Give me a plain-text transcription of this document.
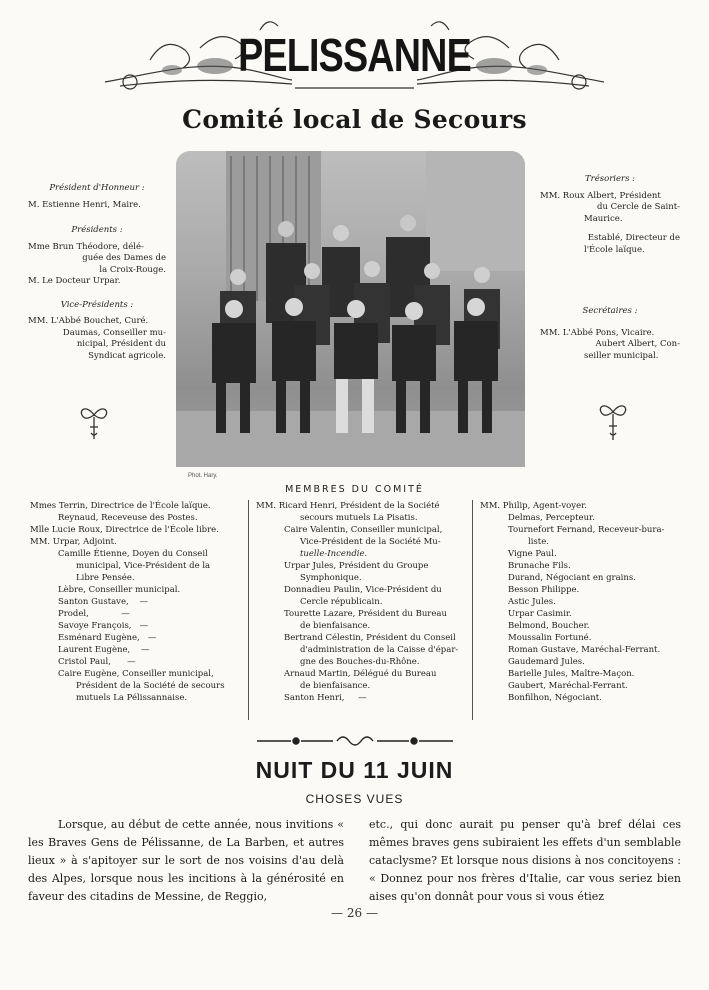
PELISSANNE
Comité local de Secours
Phot. Hary.
Président d'Honneur :

M. Estienne Henri, Maire.

Présidents :

Mme Brun Théodore, délé-

guée des Dames de

la Croix-Rouge.

M. Le Docteur Urpar.

Vice-Présidents :

MM. L'Abbé Bouchet, Curé.

Daumas, Conseiller mu-

nicipal, Président du

Syndicat agricole.

Trésoriers :

MM. Roux Albert, Président

du Cercle de Saint-

Maurice.

Establé, Directeur de

l'École laïque.

Secrétaires :

MM. L'Abbé Pons, Vicaire.

Aubert Albert, Con-

seiller municipal.

MEMBRES DU COMITÉ
Mmes Terrin, Directrice de l'École laïque.
Reynaud, Receveuse des Postes.
Mlle Lucie Roux, Directrice de l'École libre.
MM. Urpar, Adjoint.
Camille Étienne, Doyen du Conseil
municipal, Vice-Président de la
Libre Pensée.
Lèbre, Conseiller municipal.
Santon Gustave,    —
Prodel,            —
Savoye François,   —
Esménard Eugène,   —
Laurent Eugène,    —
Cristol Paul,      —
Caire Eugène, Conseiller municipal,
Président de la Société de secours
mutuels La Pélissannaise.
MM. Ricard Henri, Président de la Société
secours mutuels La Pisatis.
Caire Valentin, Conseiller municipal,
Vice-Président de la Société Mu-
tuelle-Incendie.
Urpar Jules, Président du Groupe
Symphonique.
Donnadieu Paulin, Vice-Président du
Cercle républicain.
Tourette Lazare, Président du Bureau
de bienfaisance.
Bertrand Célestin, Président du Conseil
d'administration de la Caisse d'épar-
gne des Bouches-du-Rhône.
Arnaud Martin, Délégué du Bureau
de bienfaisance.
Santon Henri,     —
MM. Philip, Agent-voyer.
Delmas, Percepteur.
Tournefort Fernand, Receveur-bura-
liste.
Vigne Paul.
Brunache Fils.
Durand, Négociant en grains.
Besson Philippe.
Astic Jules.
Urpar Casimir.
Belmond, Boucher.
Moussalin Fortuné.
Roman Gustave, Maréchal-Ferrant.
Gaudemard Jules.
Barielle Jules, Maître-Maçon.
Gaubert, Maréchal-Ferrant.
Bonfilhon, Négociant.
NUIT DU 11 JUIN
CHOSES VUES
Lorsque, au début de cette année, nous invitions « les Braves Gens de Pélissanne, de La Barben, et autres lieux » à s'apitoyer sur le sort de nos voisins d'au delà des Alpes, lorsque nous les incitions à la générosité en faveur des citadins de Messine, de Reggio,
etc., qui donc aurait pu penser qu'à bref délai ces mêmes braves gens subiraient les effets d'un semblable cataclysme? Et lorsque nous disions à nos concitoyens : « Donnez pour nos frères d'Italie, car vous seriez bien aises qu'on donnât pour vous si vous étiez
— 26 —
